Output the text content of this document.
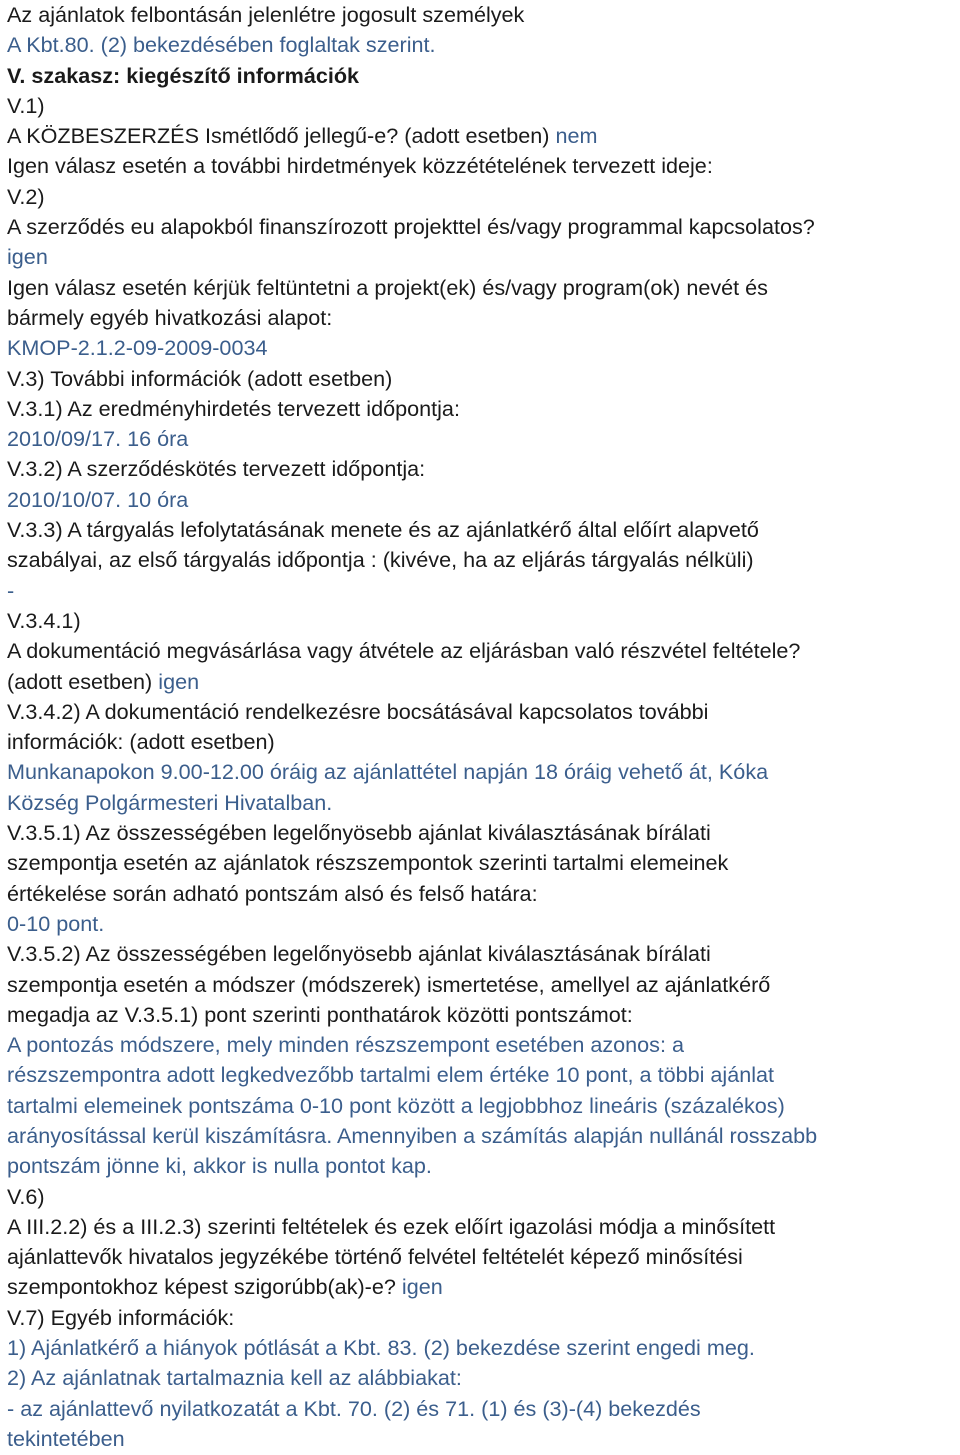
Az ajánlatok felbontásán jelenlétre jogosult személyek
A Kbt.80. (2) bekezdésében foglaltak szerint.
V. szakasz: kiegészítő információk
V.1)
A KÖZBESZERZÉS Ismétlődő jellegű-e? (adott esetben) nem
Igen válasz esetén a további hirdetmények közzétételének tervezett ideje:
V.2)
A szerződés eu alapokból finanszírozott projekttel és/vagy programmal kapcsolatos?
igen
Igen válasz esetén kérjük feltüntetni a projekt(ek) és/vagy program(ok) nevét és
bármely egyéb hivatkozási alapot:
KMOP-2.1.2-09-2009-0034
V.3) További információk (adott esetben)
V.3.1) Az eredményhirdetés tervezett időpontja:
2010/09/17. 16 óra
V.3.2) A szerződéskötés tervezett időpontja:
2010/10/07. 10 óra
V.3.3) A tárgyalás lefolytatásának menete és az ajánlatkérő által előírt alapvető
szabályai, az első tárgyalás időpontja : (kivéve, ha az eljárás tárgyalás nélküli)
-
V.3.4.1)
A dokumentáció megvásárlása vagy átvétele az eljárásban való részvétel feltétele?
(adott esetben) igen
V.3.4.2) A dokumentáció rendelkezésre bocsátásával kapcsolatos további
információk: (adott esetben)
Munkanapokon 9.00-12.00 óráig az ajánlattétel napján 18 óráig vehető át, Kóka
Község Polgármesteri Hivatalban.
V.3.5.1) Az összességében legelőnyösebb ajánlat kiválasztásának bírálati
szempontja esetén az ajánlatok részszempontok szerinti tartalmi elemeinek
értékelése során adható pontszám alsó és felső határa:
0-10 pont.
V.3.5.2) Az összességében legelőnyösebb ajánlat kiválasztásának bírálati
szempontja esetén a módszer (módszerek) ismertetése, amellyel az ajánlatkérő
megadja az V.3.5.1) pont szerinti ponthatárok közötti pontszámot:
A pontozás módszere, mely minden részszempont esetében azonos: a
részszempontra adott legkedvezőbb tartalmi elem értéke 10 pont, a többi ajánlat
tartalmi elemeinek pontszáma 0-10 pont között a legjobbhoz lineáris (százalékos)
arányosítással kerül kiszámításra. Amennyiben a számítás alapján nullánál rosszabb
pontszám jönne ki, akkor is nulla pontot kap.
V.6)
A III.2.2) és a III.2.3) szerinti feltételek és ezek előírt igazolási módja a minősített
ajánlattevők hivatalos jegyzékébe történő felvétel feltételét képező minősítési
szempontokhoz képest szigorúbb(ak)-e? igen
V.7) Egyéb információk:
1) Ajánlatkérő a hiányok pótlását a Kbt. 83. (2) bekezdése szerint engedi meg.
2) Az ajánlatnak tartalmaznia kell az alábbiakat:
- az ajánlattevő nyilatkozatát a Kbt. 70. (2) és 71. (1) és (3)-(4) bekezdés
tekintetében
